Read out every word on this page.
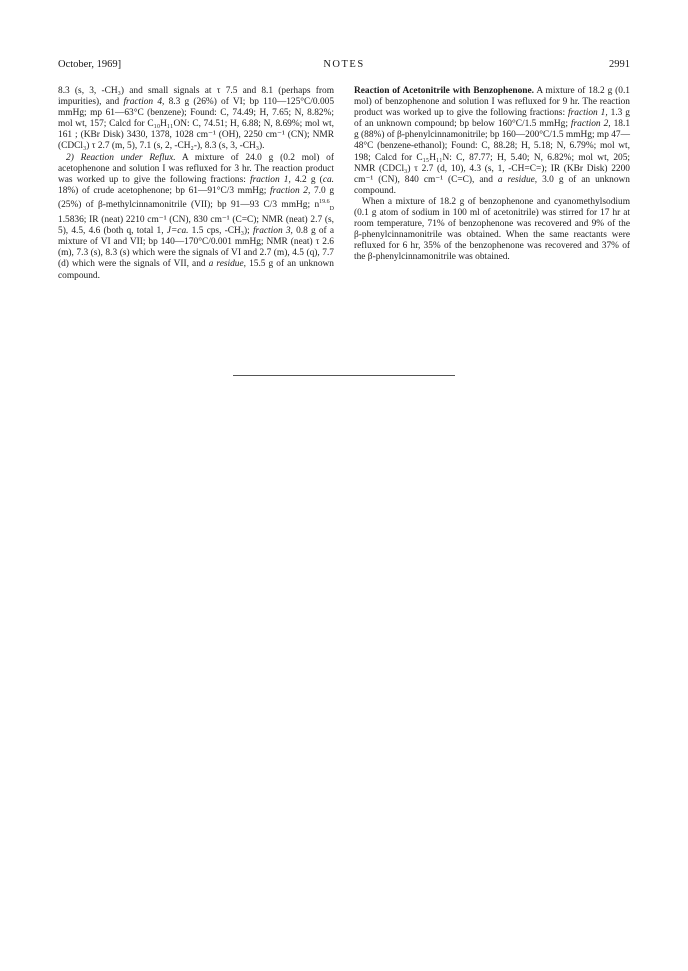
October, 1969]	NOTES	2991

8.3 (s, 3, -CH₃) and small signals at τ 7.5 and 8.1 (perhaps from impurities), and fraction 4, 8.3 g (26%) of VI; bp 110—125°C/0.005 mmHg; mp 61—63°C (benzene); Found: C, 74.49; H, 7.65; N, 8.82%; mol wt, 157; Calcd for C₁₀H₁₁ON: C, 74.51; H, 6.88; N, 8.69%; mol wt, 161 ; (KBr Disk) 3430, 1378, 1028 cm⁻¹ (OH), 2250 cm⁻¹ (CN); NMR (CDCl₃) τ 2.7 (m, 5), 7.1 (s, 2, -CH₂-), 8.3 (s, 3, -CH₃).

2) Reaction under Reflux. A mixture of 24.0 g (0.2 mol) of acetophenone and solution I was refluxed for 3 hr. The reaction product was worked up to give the following fractions: fraction 1, 4.2 g (ca. 18%) of crude acetophenone; bp 61—91°C/3 mmHg; fraction 2, 7.0 g (25%) of β-methylcinnamonitrile (VII); bp 91—93 C/3 mmHg; $n^{19.6}_D$ 1.5836; IR (neat) 2210 cm⁻¹ (CN), 830 cm⁻¹ (C=C); NMR (neat) 2.7 (s, 5), 4.5, 4.6 (both q, total 1, J=ca. 1.5 cps, -CH₃); fraction 3, 0.8 g of a mixture of VI and VII; bp 140—170°C/0.001 mmHg; NMR (neat) τ 2.6 (m), 7.3 (s), 8.3 (s) which were the signals of VI and 2.7 (m), 4.5 (q), 7.7 (d) which were the signals of VII, and a residue, 15.5 g of an unknown compound.

Reaction of Acetonitrile with Benzophenone. A mixture of 18.2 g (0.1 mol) of benzophenone and solution I was refluxed for 9 hr. The reaction product was worked up to give the following fractions: fraction 1, 1.3 g of an unknown compound; bp below 160°C/1.5 mmHg; fraction 2, 18.1 g (88%) of β-phenylcinnamonitrile; bp 160—200°C/1.5 mmHg; mp 47—48°C (benzene-ethanol); Found: C, 88.28; H, 5.18; N, 6.79%; mol wt, 198; Calcd for C₁₅H₁₁N: C, 87.77; H, 5.40; N, 6.82%; mol wt, 205; NMR (CDCl₃) τ 2.7 (d, 10), 4.3 (s, 1, -CH=C=); IR (KBr Disk) 2200 cm⁻¹ (CN), 840 cm⁻¹ (C=C), and a residue, 3.0 g of an unknown compound.

When a mixture of 18.2 g of benzophenone and cyanomethylsodium (0.1 g atom of sodium in 100 ml of acetonitrile) was stirred for 17 hr at room temperature, 71% of benzophenone was recovered and 9% of the β-phenylcinnamonitrile was obtained. When the same reactants were refluxed for 6 hr, 35% of the benzophenone was recovered and 37% of the β-phenylcinnamonitrile was obtained.
